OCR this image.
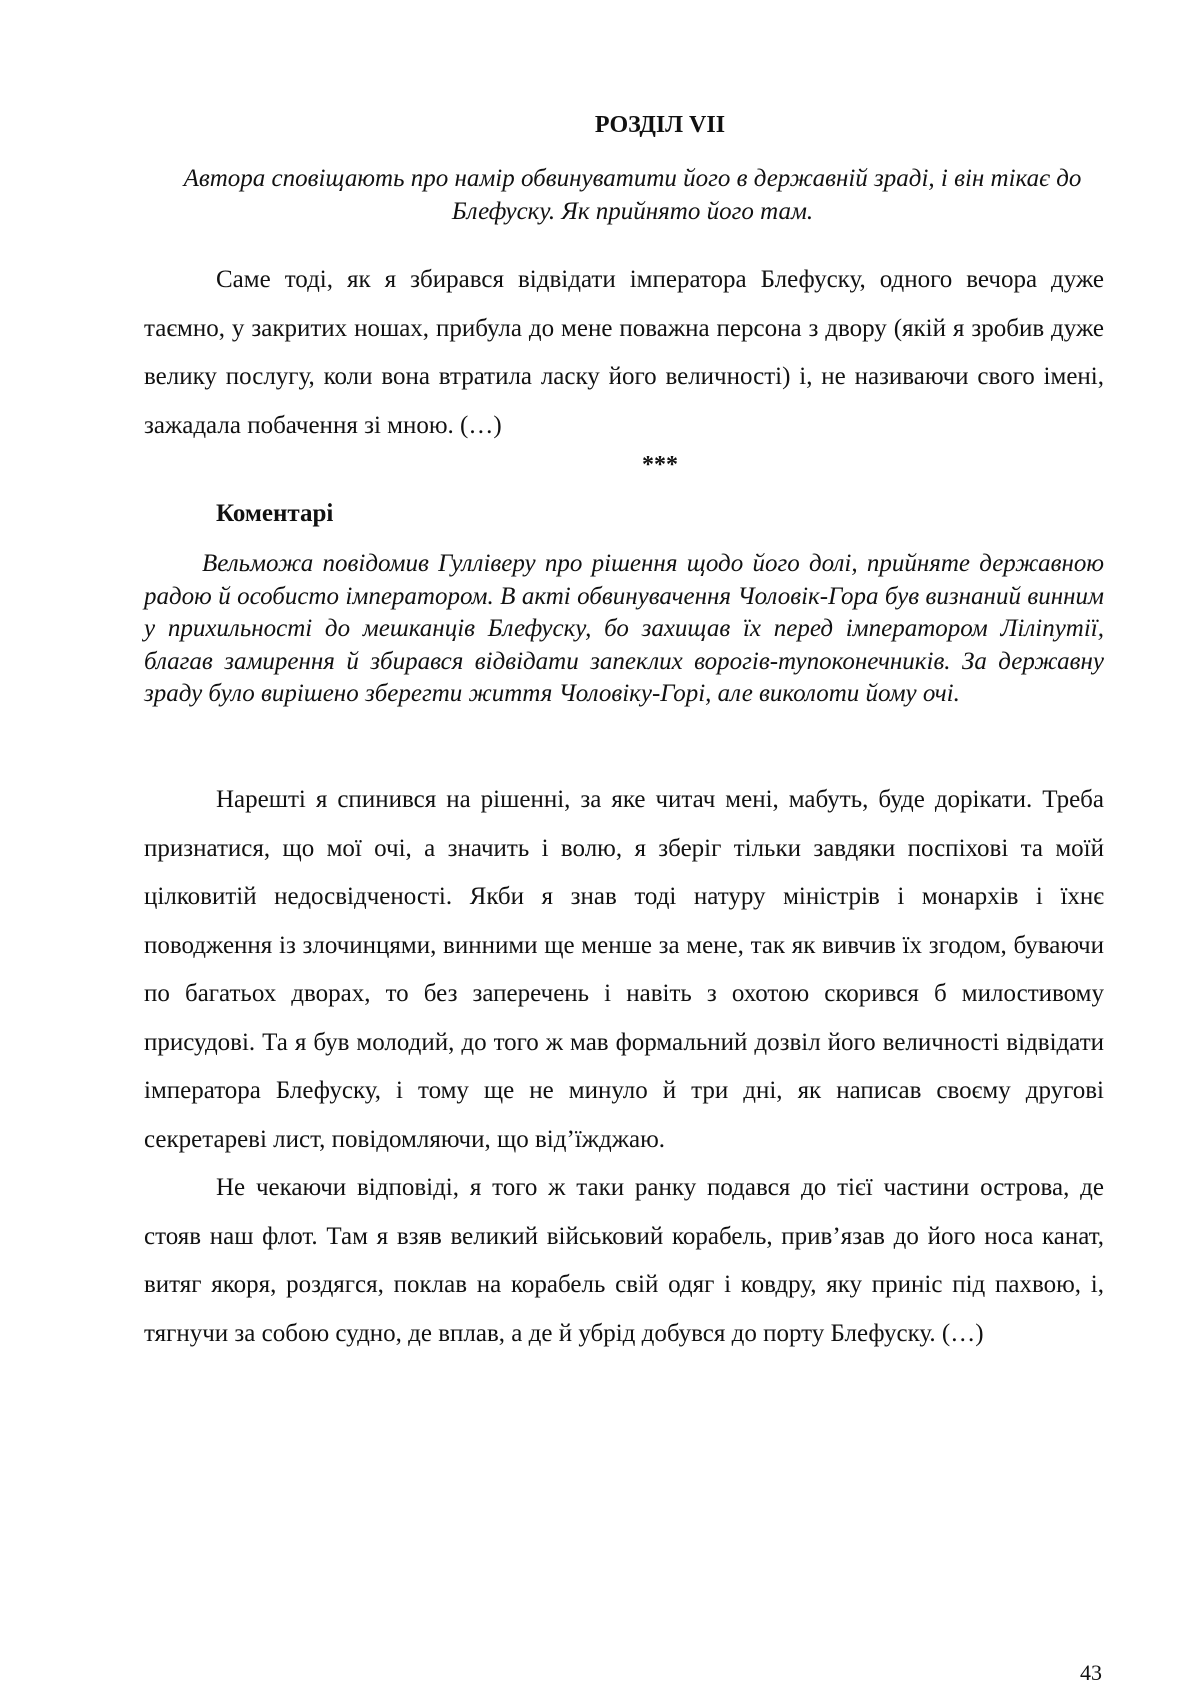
РОЗДІЛ VII
Автора сповіщають про намір обвинуватити його в державній зраді, і він тікає до Блефуску. Як прийнято його там.

Саме тоді, як я збирався відвідати імператора Блефуску, одного вечора дуже таємно, у закритих ношах, прибула до мене поважна персона з двору (якій я зробив дуже велику послугу, коли вона втратила ласку його величності) і, не називаючи свого імені, зажадала побачення зі мною. (…)

***
Коментарі

Вельможа повідомив Гуллiверу про рiшення щодо його долi, прийняте державною радою й особисто iмператором. В актi обвинувачення Чоловiк-Гора був визнаний винним у прихильностi до мешканцiв Блефуску, бо захищав їх перед iмператором Лiлiпутiї, благав замирення й збирався вiдвiдати запеклих ворогiв-тупоконечникiв. За державну зраду було вирiшено зберегти життя Чоловiку-Горi, але виколоти йому очi.

Нарешті я спинився на рішенні, за яке читач мені, мабуть, буде дорікати. Треба признатися, що мої очі, а значить і волю, я зберіг тільки завдяки поспіхові та моїй цілковитій недосвідченості. Якби я знав тоді натуру міністрів і монархів і їхнє поводження із злочинцями, винними ще менше за мене, так як вивчив їх згодом, буваючи по багатьох дворах, то без заперечень і навіть з охотою скорився б милостивому присудові. Та я був молодий, до того ж мав формальний дозвіл його величності відвідати імператора Блефуску, і тому ще не минуло й три дні, як написав своєму другові секретареві лист, повідомляючи, що від’їжджаю.

Не чекаючи відповіді, я того ж таки ранку подався до тієї частини острова, де стояв наш флот. Там я взяв великий військовий корабель, прив’язав до його носа канат, витяг якоря, роздягся, поклав на корабель свій одяг і ковдру, яку приніс під пахвою, і, тягнучи за собою судно, де вплав, а де й убрід добувся до порту Блефуску. (…)

43
